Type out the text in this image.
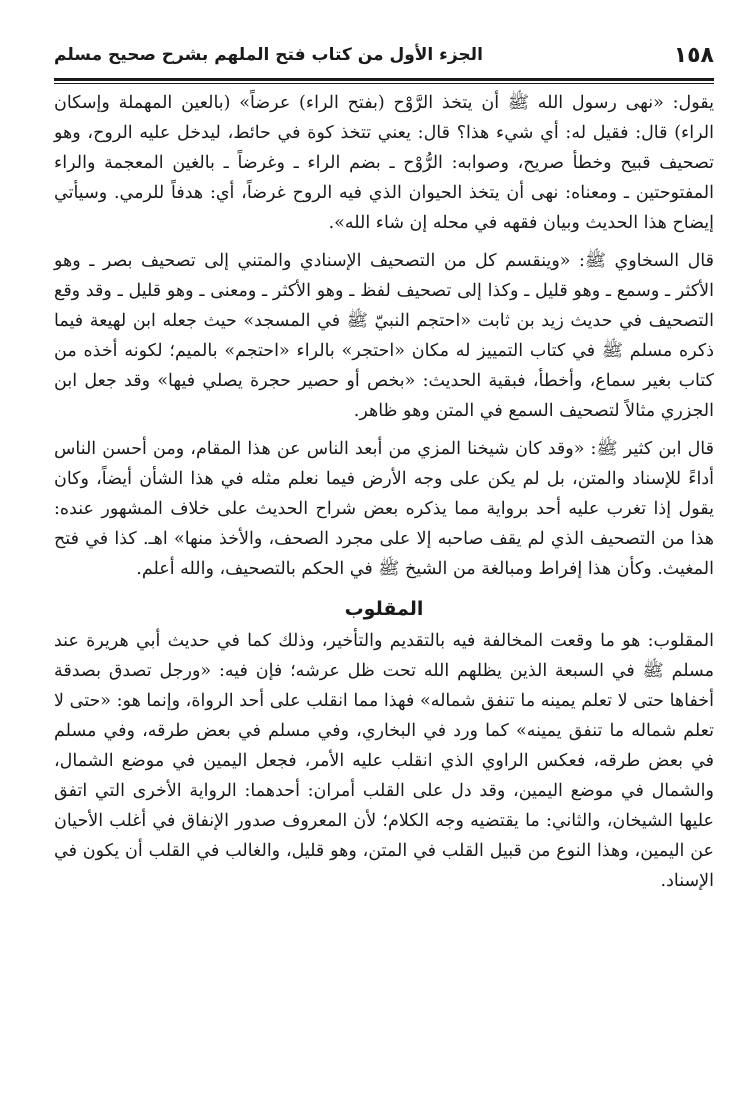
١٥٨
الجزء الأول من كتاب فتح الملهم بشرح صحيح مسلم

يقول: «نهى رسول الله ﷺ أن يتخذ الرَّوْح (بفتح الراء) عرضاً» (بالعين المهملة وإسكان الراء) قال: فقيل له: أي شيء هذا؟ قال: يعني تتخذ كوة في حائط، ليدخل عليه الروح، وهو تصحيف قبيح وخطأ صريح، وصوابه: الرُّوْح ـ بضم الراء ـ وغرضاً ـ بالغين المعجمة والراء المفتوحتين ـ ومعناه: نهى أن يتخذ الحيوان الذي فيه الروح غرضاً، أي: هدفاً للرمي. وسيأتي إيضاح هذا الحديث وبيان فقهه في محله إن شاء الله».

قال السخاوي ﷺ: «وينقسم كل من التصحيف الإسنادي والمتني إلى تصحيف بصر ـ وهو الأكثر ـ وسمع ـ وهو قليل ـ وكذا إلى تصحيف لفظ ـ وهو الأكثر ـ ومعنى ـ وهو قليل ـ وقد وقع التصحيف في حديث زيد بن ثابت «احتجم النبيّ ﷺ في المسجد» حيث جعله ابن لهيعة فيما ذكره مسلم ﷺ في كتاب التمييز له مكان «احتجر» بالراء «احتجم» بالميم؛ لكونه أخذه من كتاب بغير سماع، وأخطأ، فبقية الحديث: «بخص أو حصير حجرة يصلي فيها» وقد جعل ابن الجزري مثالاً لتصحيف السمع في المتن وهو ظاهر.

قال ابن كثير ﷺ: «وقد كان شيخنا المزي من أبعد الناس عن هذا المقام، ومن أحسن الناس أداءً للإسناد والمتن، بل لم يكن على وجه الأرض فيما نعلم مثله في هذا الشأن أيضاً، وكان يقول إذا تغرب عليه أحد برواية مما يذكره بعض شراح الحديث على خلاف المشهور عنده: هذا من التصحيف الذي لم يقف صاحبه إلا على مجرد الصحف، والأخذ منها» اهـ. كذا في فتح المغيث. وكأن هذا إفراط ومبالغة من الشيخ ﷺ في الحكم بالتصحيف، والله أعلم.

المقلوب

المقلوب: هو ما وقعت المخالفة فيه بالتقديم والتأخير، وذلك كما في حديث أبي هريرة عند مسلم ﷺ في السبعة الذين يظلهم الله تحت ظل عرشه؛ فإن فيه: «ورجل تصدق بصدقة أخفاها حتى لا تعلم يمينه ما تنفق شماله» فهذا مما انقلب على أحد الرواة، وإنما هو: «حتى لا تعلم شماله ما تنفق يمينه» كما ورد في البخاري، وفي مسلم في بعض طرقه، وفي مسلم في بعض طرقه، فعكس الراوي الذي انقلب عليه الأمر، فجعل اليمين في موضع الشمال، والشمال في موضع اليمين، وقد دل على القلب أمران: أحدهما: الرواية الأخرى التي اتفق عليها الشيخان، والثاني: ما يقتضيه وجه الكلام؛ لأن المعروف صدور الإنفاق في أغلب الأحيان عن اليمين، وهذا النوع من قبيل القلب في المتن، وهو قليل، والغالب في القلب أن يكون في الإسناد.
